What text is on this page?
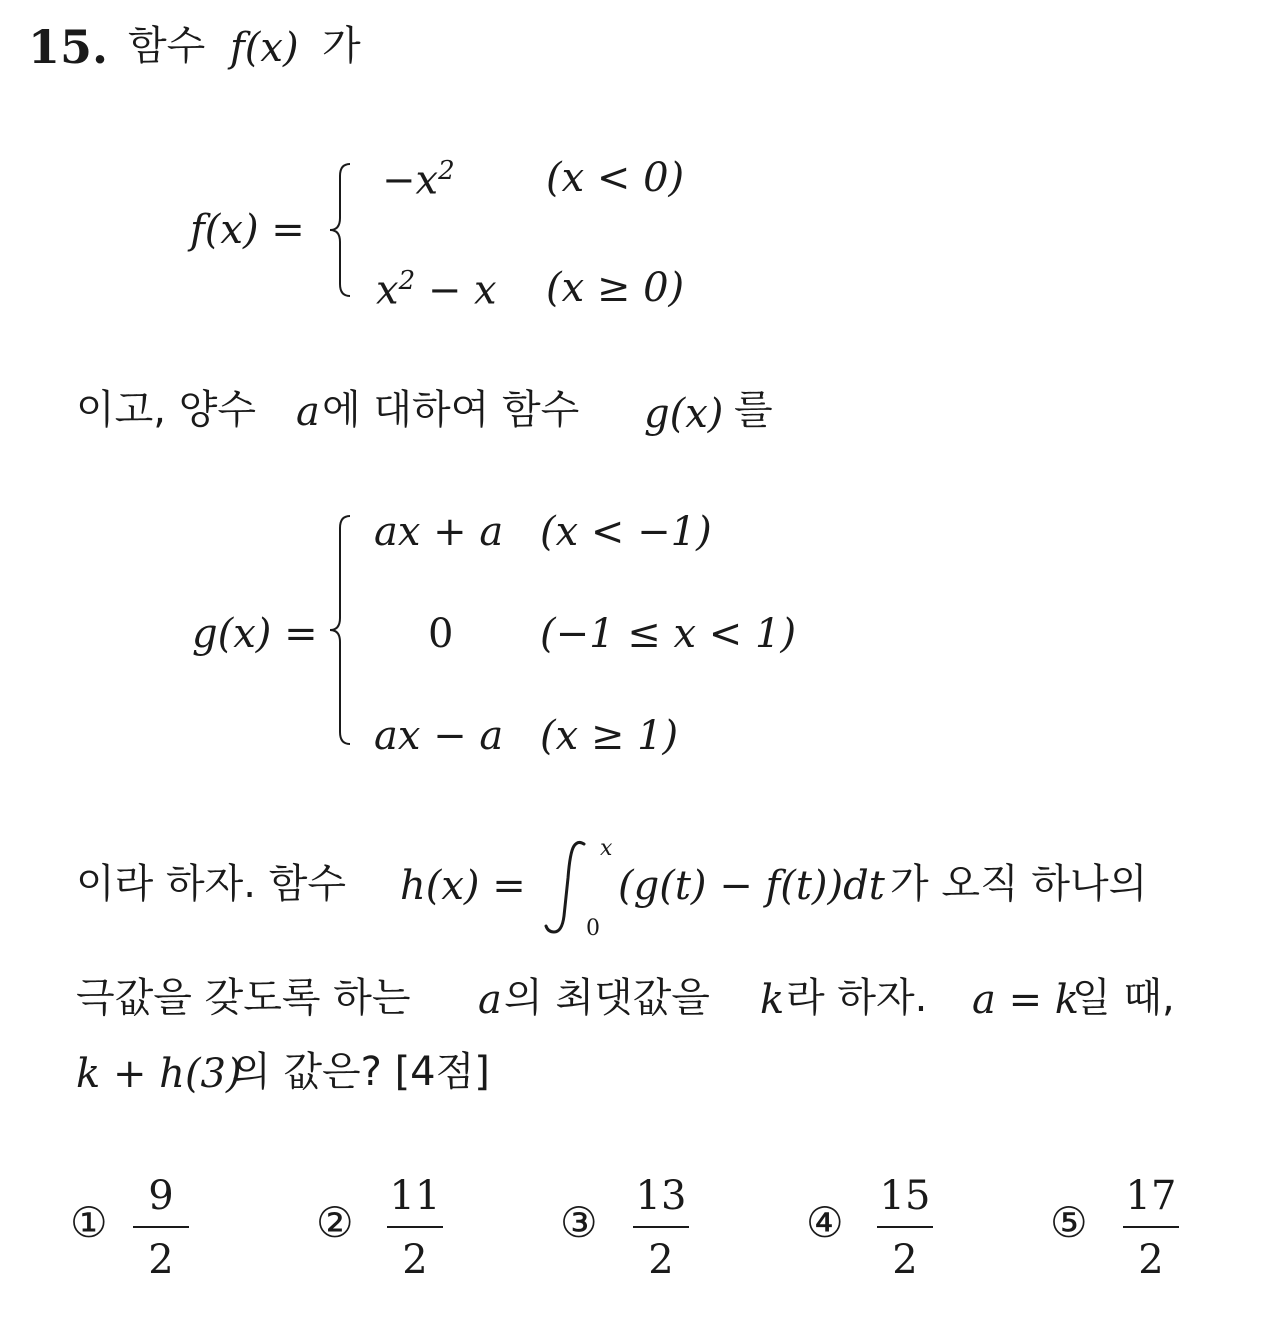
15. 함수 f(x) 가
f(x) =
$-x^2$ (x < 0)
$x^2 - x$ (x ≥ 0)
이고, 양수 a 에 대하여 함수 g(x) 를
g(x) =
ax + a (x < −1)
0 (−1 ≤ x < 1)
ax − a (x ≥ 1)
이라 하자. 함수 h(x) =
x
0
(g(t) − f(t))dt 가 오직 하나의
극값을 갖도록 하는 a 의 최댓값을 k 라 하자. a = k
일 때,
k + h(3)
의 값은? [4점]
①
9
2
②
11
2
③
13
2
④
15
2
⑤
17
2
